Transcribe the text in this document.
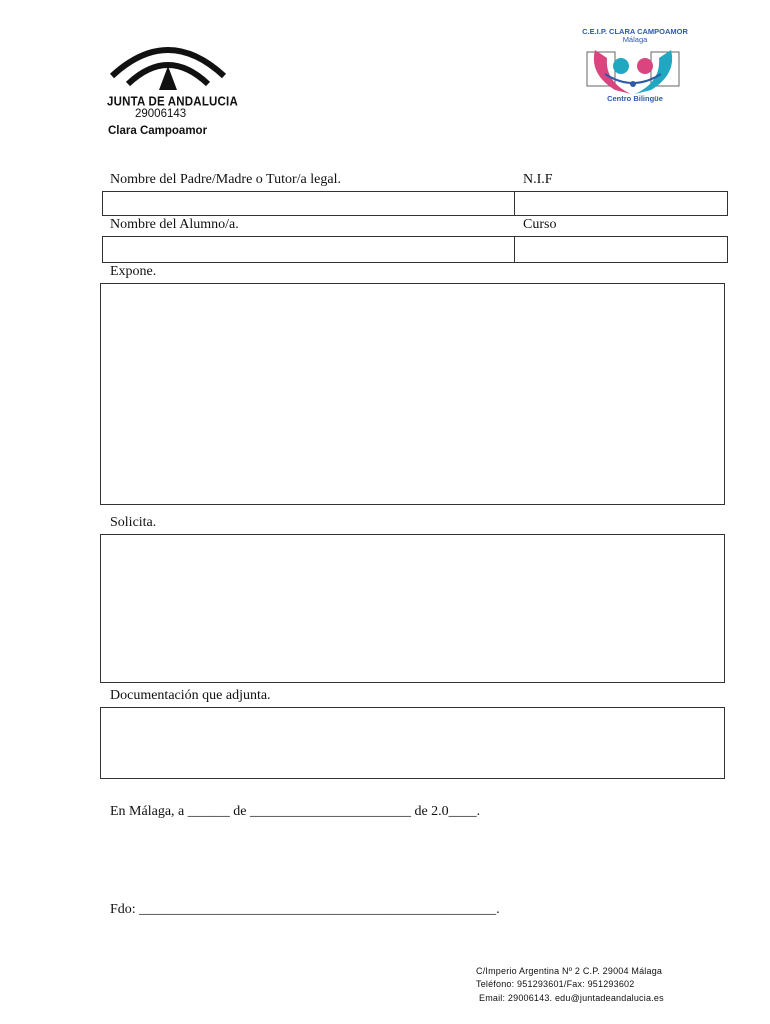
JUNTA DE ANDALUCIA
29006143
Clara Campoamor
C.E.I.P. CLARA CAMPOAMOR
Málaga
Centro Bilingüe
Nombre del Padre/Madre o Tutor/a legal.	N.I.F
Nombre del Alumno/a.	Curso
Expone.
Solicita.
Documentación que adjunta.
En Málaga, a ______ de _______________________ de 2.0____.
Fdo: ___________________________________________________.
C/Imperio Argentina Nº 2 C.P. 29004 Málaga
Teléfono: 951293601/Fax: 951293602
Email: 29006143. edu@juntadeandalucia.es
